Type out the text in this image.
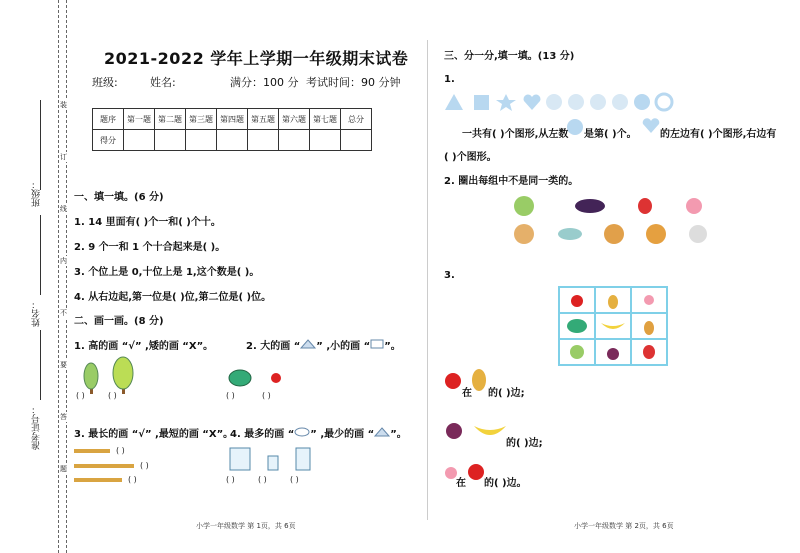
班级：
姓名：
准考证号：
装
订
线
内
不
要
答
题
2021-2022 学年上学期一年级期末试卷
班级:	姓名:	满分：100 分 考试时间：90 分钟
题序	第一题	第二题	第三题	第四题	第五题	第六题	第七题	总分
得分								
一、填一填。(6 分)
1. 14 里面有( )个一和( )个十。
2. 9 个一和 1 个十合起来是( )。
3. 个位上是 0,十位上是 1,这个数是( )。
4. 从右边起,第一位是( )位,第二位是( )位。
二、画一画。(8 分)
1. 高的画 “√” ,矮的画 “X”。	2. 大的画 “ ” ,小的画 “ ”。
( )	( )	( )	( )
3. 最长的画 “√” ,最短的画 “X”。
4. 最多的画 “ ” ,最少的画 “ ”。
( )
( )
( )	( )	( )	( )
小学一年级数学 第 1页，共 6页
三、分一分,填一填。(13 分)
1.
一共有( )个图形,从左数 是第( )个。 的左边有( )个图形,右边有
( )个图形。
2. 圈出每组中不是同一类的。
3.
在 的( )边;
的( )边;
在 的( )边。
小学一年级数学 第 2页，共 6页
